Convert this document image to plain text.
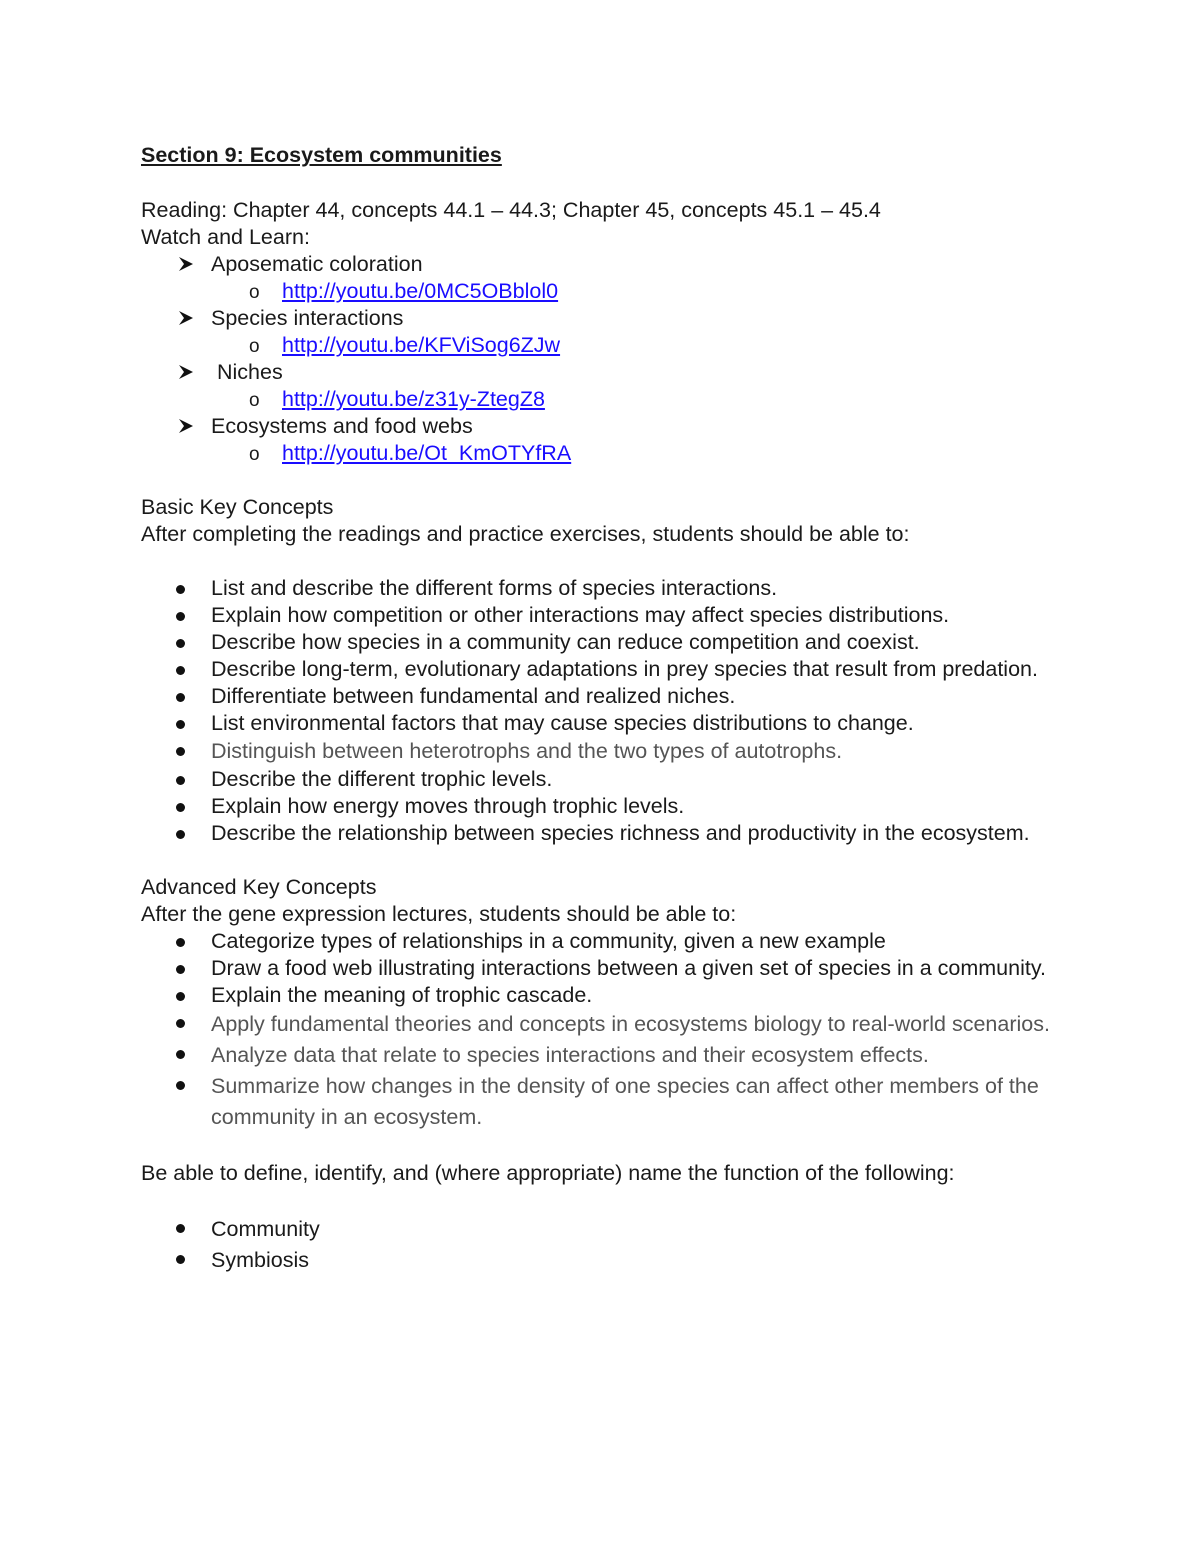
Section 9: Ecosystem communities
Reading: Chapter 44, concepts 44.1 – 44.3; Chapter 45, concepts 45.1 – 45.4
Watch and Learn:
Aposematic coloration
o http://youtu.be/0MC5OBblol0
Species interactions
o http://youtu.be/KFViSog6ZJw
Niches
o http://youtu.be/z31y-ZtegZ8
Ecosystems and food webs
o http://youtu.be/Ot_KmOTYfRA
Basic Key Concepts
After completing the readings and practice exercises, students should be able to:
List and describe the different forms of species interactions.
Explain how competition or other interactions may affect species distributions.
Describe how species in a community can reduce competition and coexist.
Describe long-term, evolutionary adaptations in prey species that result from predation.
Differentiate between fundamental and realized niches.
List environmental factors that may cause species distributions to change.
Distinguish between heterotrophs and the two types of autotrophs.
Describe the different trophic levels.
Explain how energy moves through trophic levels.
Describe the relationship between species richness and productivity in the ecosystem.
Advanced Key Concepts
After the gene expression lectures, students should be able to:
Categorize types of relationships in a community, given a new example
Draw a food web illustrating interactions between a given set of species in a community.
Explain the meaning of trophic cascade.
Apply fundamental theories and concepts in ecosystems biology to real-world scenarios.
Analyze data that relate to species interactions and their ecosystem effects.
Summarize how changes in the density of one species can affect other members of the community in an ecosystem.
Be able to define, identify, and (where appropriate) name the function of the following:
Community
Symbiosis
